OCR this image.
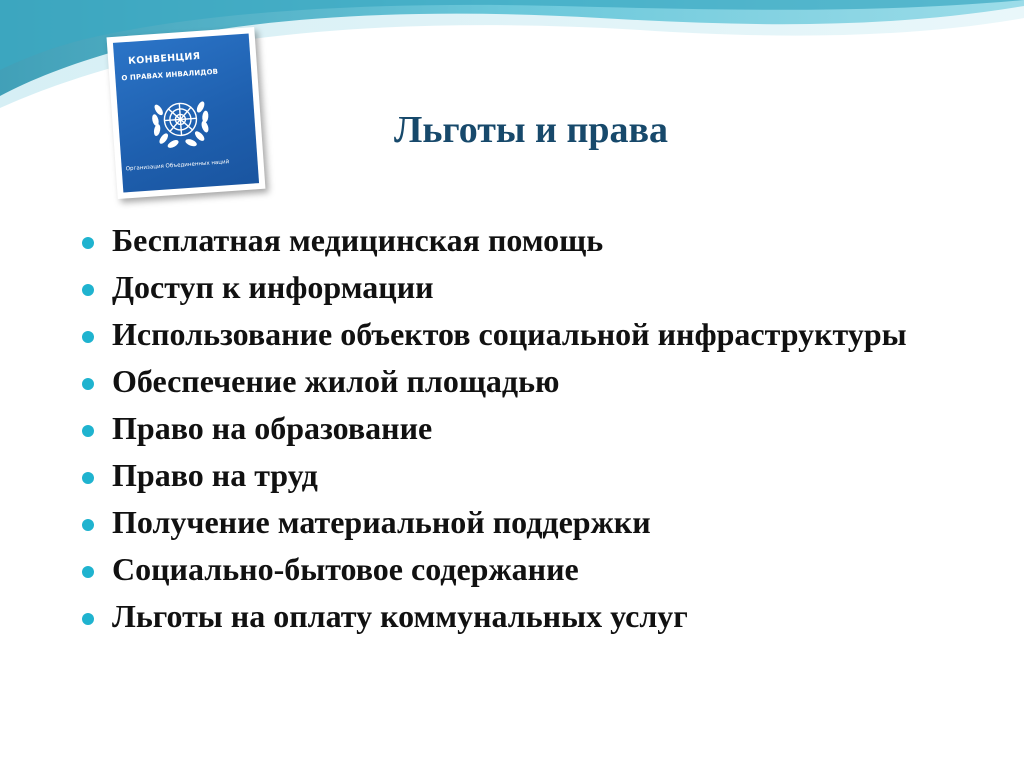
КОНВЕНЦИЯ
О ПРАВАХ ИНВАЛИДОВ
Организация Объединенных наций
Льготы и права
Бесплатная медицинская помощь
Доступ к информации
Использование объектов социальной инфраструктуры
Обеспечение жилой площадью
Право на образование
Право на труд
Получение материальной поддержки
Социально-бытовое содержание
Льготы на оплату коммунальных услуг
